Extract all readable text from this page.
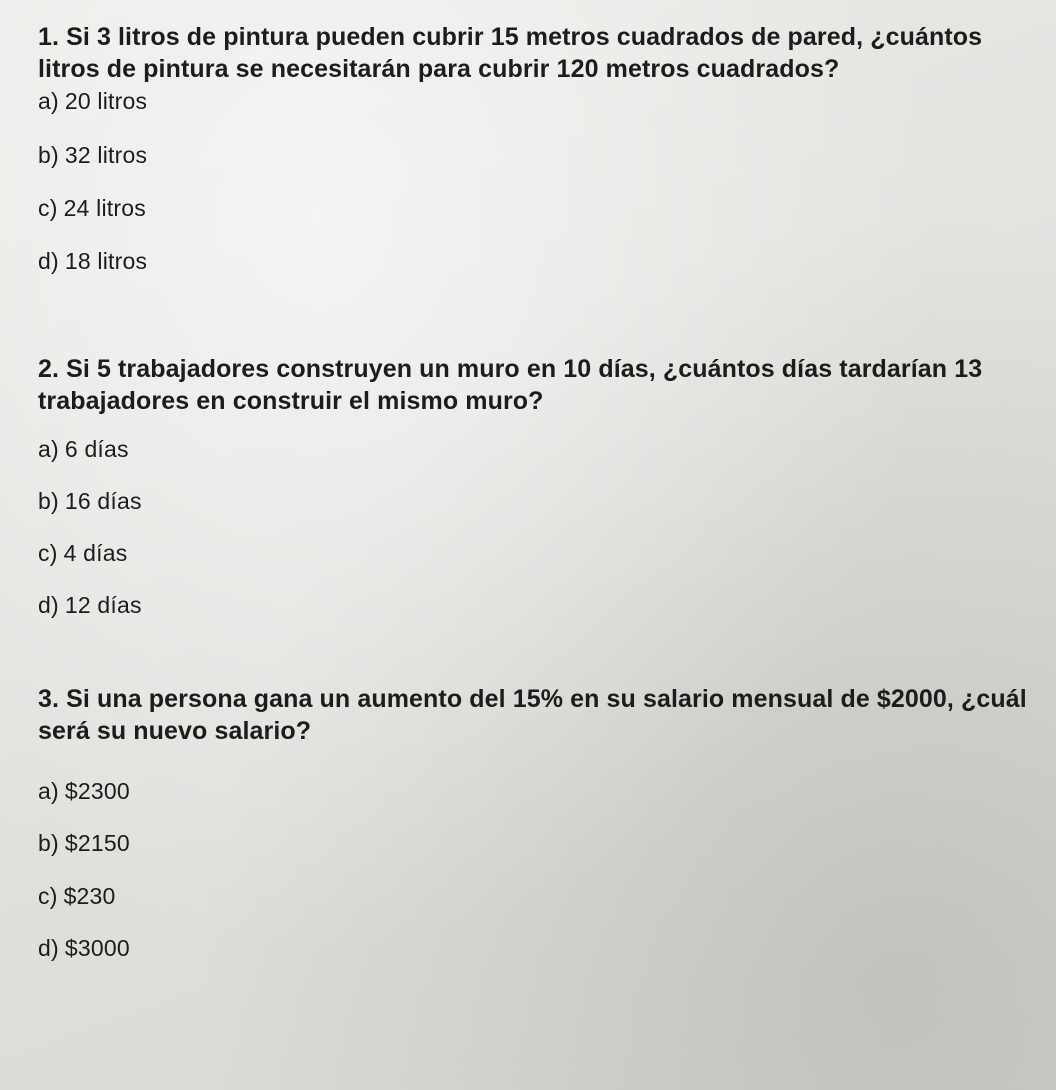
1. Si 3 litros de pintura pueden cubrir 15 metros cuadrados de pared, ¿cuántos litros de pintura se necesitarán para cubrir 120 metros cuadrados?

a) 20 litros
b) 32 litros
c) 24 litros
d) 18 litros

2. Si 5 trabajadores construyen un muro en 10 días, ¿cuántos días tardarían 13 trabajadores en construir el mismo muro?

a) 6 días
b) 16 días
c) 4 días
d) 12 días

3. Si una persona gana un aumento del 15% en su salario mensual de $2000, ¿cuál será su nuevo salario?

a) $2300
b) $2150
c) $230
d) $3000
